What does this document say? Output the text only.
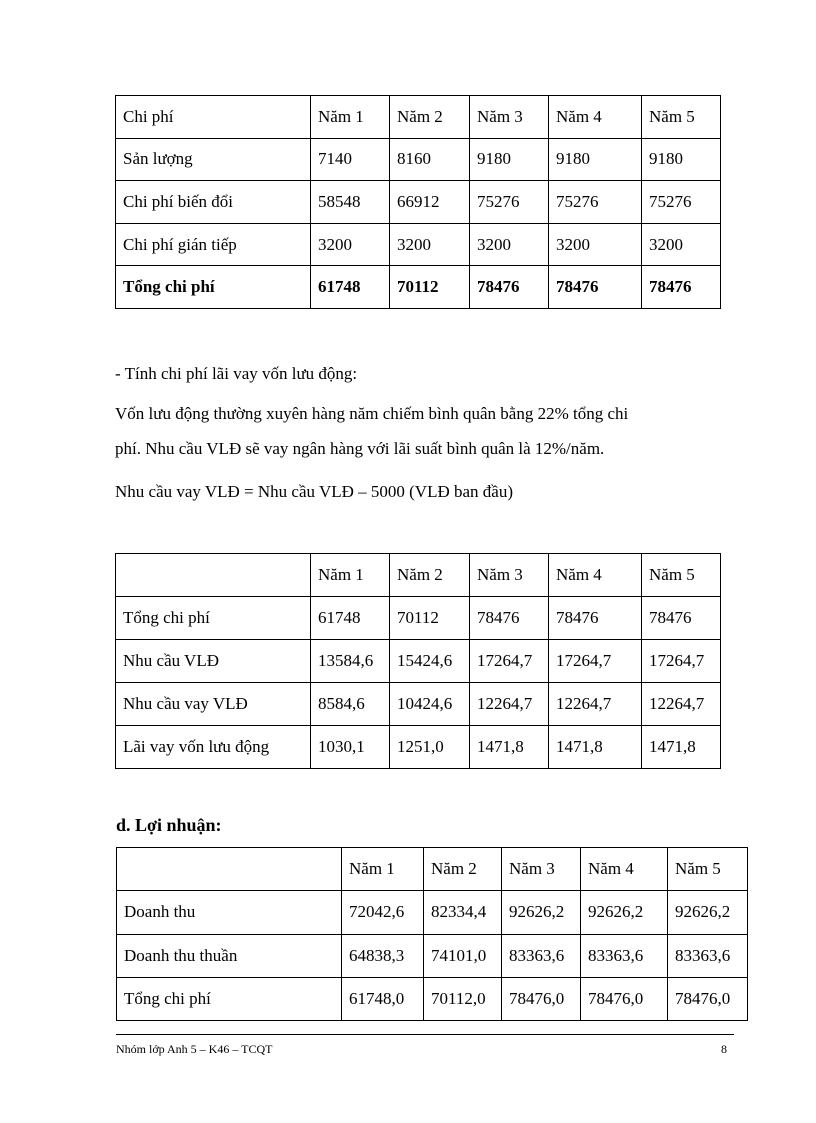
Chi phí	Năm 1	Năm 2	Năm 3	Năm 4	Năm 5
Sản lượng	7140	8160	9180	9180	9180
Chi phí biến đổi	58548	66912	75276	75276	75276
Chi phí gián tiếp	3200	3200	3200	3200	3200
Tổng chi phí	61748	70112	78476	78476	78476

- Tính chi phí lãi vay vốn lưu động:

Vốn lưu động thường xuyên hàng năm chiếm bình quân bằng 22% tổng chi

phí. Nhu cầu VLĐ sẽ vay ngân hàng với lãi suất bình quân là 12%/năm.

Nhu cầu vay VLĐ = Nhu cầu VLĐ – 5000 (VLĐ ban đầu)

	Năm 1	Năm 2	Năm 3	Năm 4	Năm 5
Tổng chi phí	61748	70112	78476	78476	78476
Nhu cầu VLĐ	13584,6	15424,6	17264,7	17264,7	17264,7
Nhu cầu vay VLĐ	8584,6	10424,6	12264,7	12264,7	12264,7
Lãi vay vốn lưu động	1030,1	1251,0	1471,8	1471,8	1471,8

d. Lợi nhuận:

	Năm 1	Năm 2	Năm 3	Năm 4	Năm 5
Doanh thu	72042,6	82334,4	92626,2	92626,2	92626,2
Doanh thu thuần	64838,3	74101,0	83363,6	83363,6	83363,6
Tổng chi phí	61748,0	70112,0	78476,0	78476,0	78476,0
Nhóm lớp Anh 5 – K46 – TCQT	8
